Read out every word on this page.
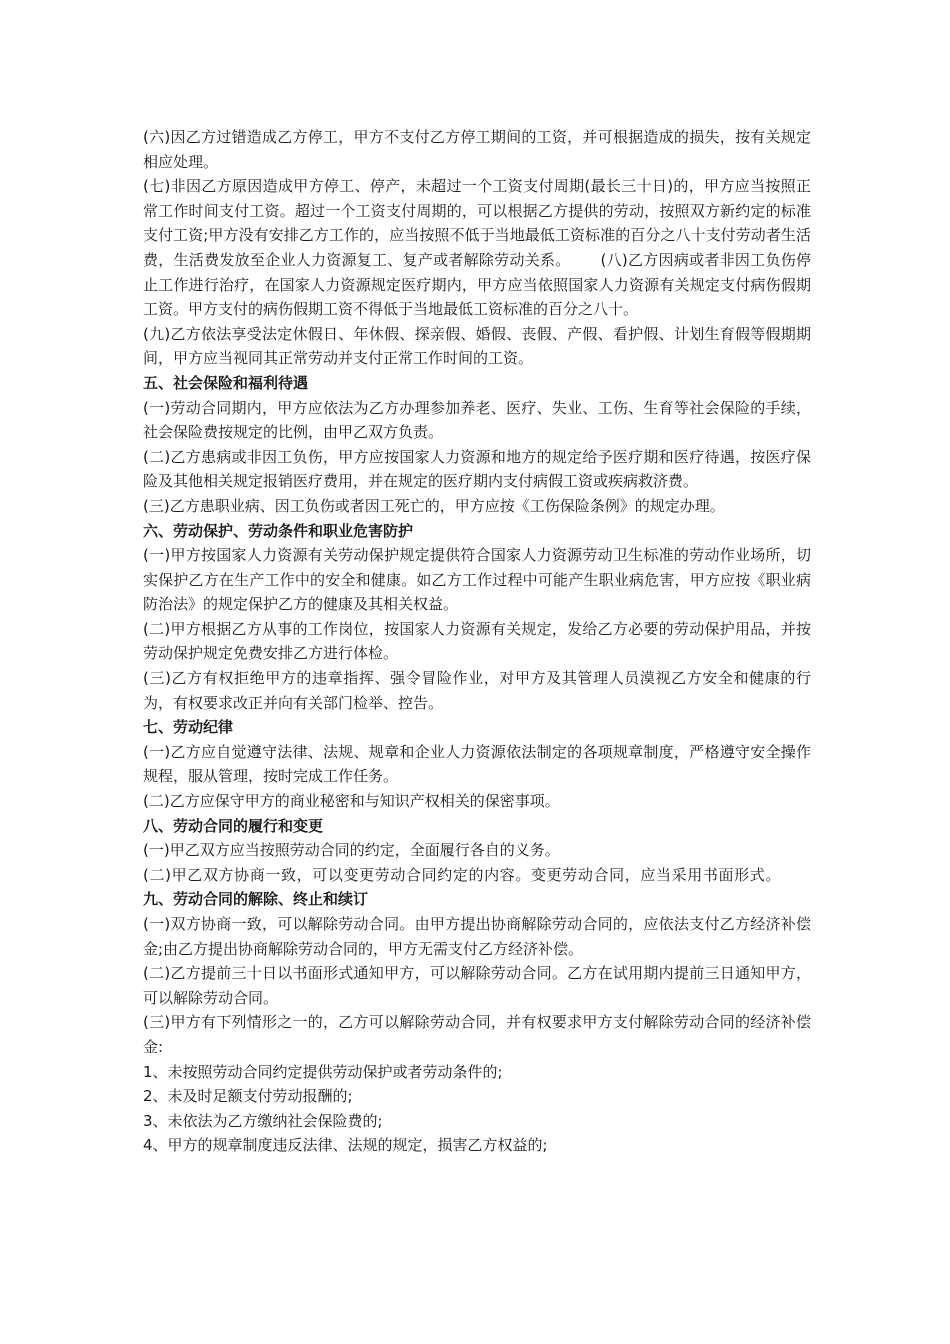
(六)因乙方过错造成乙方停工，甲方不支付乙方停工期间的工资，并可根据造成的损失，按有关规定相应处理。

(七)非因乙方原因造成甲方停工、停产，未超过一个工资支付周期(最长三十日)的，甲方应当按照正常工作时间支付工资。超过一个工资支付周期的，可以根据乙方提供的劳动，按照双方新约定的标准支付工资;甲方没有安排乙方工作的，应当按照不低于当地最低工资标准的百分之八十支付劳动者生活费，生活费发放至企业人力资源复工、复产或者解除劳动关系。 (八)乙方因病或者非因工负伤停止工作进行治疗，在国家人力资源规定医疗期内，甲方应当依照国家人力资源有关规定支付病伤假期工资。甲方支付的病伤假期工资不得低于当地最低工资标准的百分之八十。

(九)乙方依法享受法定休假日、年休假、探亲假、婚假、丧假、产假、看护假、计划生育假等假期期间，甲方应当视同其正常劳动并支付正常工作时间的工资。

五、社会保险和福利待遇

(一)劳动合同期内，甲方应依法为乙方办理参加养老、医疗、失业、工伤、生育等社会保险的手续，社会保险费按规定的比例，由甲乙双方负责。

(二)乙方患病或非因工负伤，甲方应按国家人力资源和地方的规定给予医疗期和医疗待遇，按医疗保险及其他相关规定报销医疗费用，并在规定的医疗期内支付病假工资或疾病救济费。

(三)乙方患职业病、因工负伤或者因工死亡的，甲方应按《工伤保险条例》的规定办理。

六、劳动保护、劳动条件和职业危害防护

(一)甲方按国家人力资源有关劳动保护规定提供符合国家人力资源劳动卫生标准的劳动作业场所，切实保护乙方在生产工作中的安全和健康。如乙方工作过程中可能产生职业病危害，甲方应按《职业病防治法》的规定保护乙方的健康及其相关权益。

(二)甲方根据乙方从事的工作岗位，按国家人力资源有关规定，发给乙方必要的劳动保护用品，并按劳动保护规定免费安排乙方进行体检。

(三)乙方有权拒绝甲方的违章指挥、强令冒险作业，对甲方及其管理人员漠视乙方安全和健康的行为，有权要求改正并向有关部门检举、控告。

七、劳动纪律

(一)乙方应自觉遵守法律、法规、规章和企业人力资源依法制定的各项规章制度，严格遵守安全操作规程，服从管理，按时完成工作任务。

(二)乙方应保守甲方的商业秘密和与知识产权相关的保密事项。

八、劳动合同的履行和变更

(一)甲乙双方应当按照劳动合同的约定，全面履行各自的义务。

(二)甲乙双方协商一致，可以变更劳动合同约定的内容。变更劳动合同，应当采用书面形式。九、劳动合同的解除、终止和续订

(一)双方协商一致，可以解除劳动合同。由甲方提出协商解除劳动合同的，应依法支付乙方经济补偿金;由乙方提出协商解除劳动合同的，甲方无需支付乙方经济补偿。

(二)乙方提前三十日以书面形式通知甲方，可以解除劳动合同。乙方在试用期内提前三日通知甲方，可以解除劳动合同。

(三)甲方有下列情形之一的，乙方可以解除劳动合同，并有权要求甲方支付解除劳动合同的经济补偿金:

1、未按照劳动合同约定提供劳动保护或者劳动条件的;

2、未及时足额支付劳动报酬的;

3、未依法为乙方缴纳社会保险费的;

4、甲方的规章制度违反法律、法规的规定，损害乙方权益的;
